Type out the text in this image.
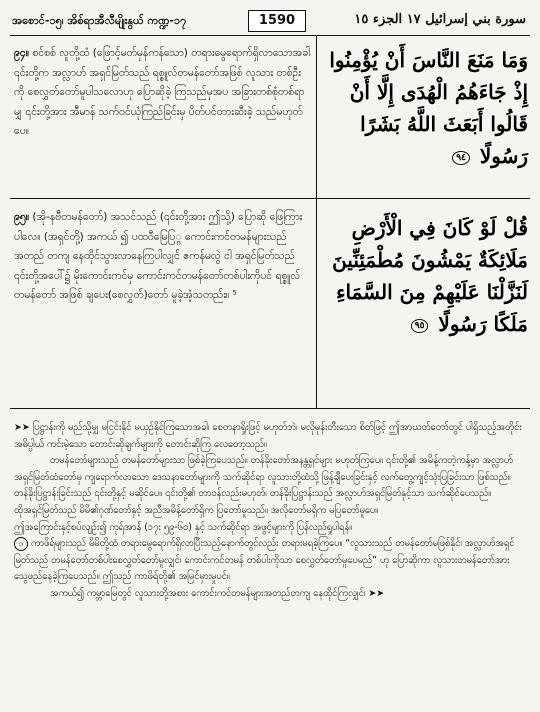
အစောင်-၁၅၊ အိစ်ရာအီလီမျိုးနွယ် ကဏ္ဍ-၁၇	1590	سورة بني إسرائيل ١٧ الجزء ١٥
၉၄။ စင်စစ် လူတို့ထံ (ဖြောင့်မတ်မှန်ကန်သော) တရားမွေရောက်ရှိလာသောအခါ ၎င်းတို့က အလ္လာဟ် အရှင်မြတ်သည် ရစ္စူလ်တမန်တော်အဖြစ် လူသား တစ်ဦးကို စေလွှတ်တော်မူပါသလောဟု ပြောဆိုခဲ့ ကြသည်မှအပ အခြားတစ်စုံတစ်ရာမျှ ၎င်းတို့အား အီမာန် သက်ဝင်ယုံကြည်ခြင်းမှ ပိတ်ပင်တားဆီးခဲ့ သည်မဟုတ်ပေ။
وَمَا مَنَعَ النَّاسَ أَنْ يُؤْمِنُوا إِذْ جَاءَهُمُ الْهُدَى إِلَّا أَنْ قَالُوا أَبَعَثَ اللَّهُ بَشَرًا رَسُولًا ٩٤
၉၅။ (အို-နဗီတမန်တော်) အသင်သည် (၎င်းတို့အား ဤသို့) ပြောဆို ဖြေကြားပါလေ။ (အရှင်တို့) အကယ် ၍ ပထဝီမြေပြ္ဂ ကောင်းကင်တမန်များသည် အတည် တကျ နေထိုင်သွားလာနေကြပါလျှင် ဧကန်မလွဲ ငါ အရှင်မြတ်သည် ၎င်းတို့အပေါ်၌ မိုးကောင်းကင်မှ ကောင်းကင်တမန်တော်တစ်ပါးကိုပင် ရစ္စူလ်တမန်တော် အဖြစ် ချပေး(စေလွှတ်)တော် မူခဲ့အံ့သတည်း။ ⁵
قُلْ لَوْ كَانَ فِي الْأَرْضِ مَلَائِكَةٌ يَمْشُونَ مُطْمَئِنِّينَ لَنَزَّلْنَا عَلَيْهِمْ مِنَ السَّمَاءِ مَلَكًا رَسُولًا ٩٥

➤➤ ပြဋ္ဌာန်းကို မည်သို့မျှ မငြင်းနိုင် မယှဉ်နိုင်ကြသောအခါ၊ စေတနာရှိုးဖြင့် မဟုတ်ဘဲ၊ မလိုမုန်းတီးသော စိတ်ဖြင့် ဤအာယတ်တော်တွင် ပါရှိသည့်အတိုင်း အဓိပ္ပါယ် ကင်းမဲ့သော တောင်းဆိုချက်များကို တောင်းဆိုကြ လေတော့သည်။

တမန်တော်များသည် တမန်တော်များသာ ဖြစ်ခဲ့ကြပေသည်။ တန်ခိုးတော်အနန္တရှင်များ မဟုတ်ကြပေ။ ၎င်းတို့၏ အမိန့်ကတဲ့ကန့်မှာ အလ္လာဟ်အရှင်မြတ်ထံတော်မှ ကျရောက်လာသော ဒေသနာတော်များကို သက်ဆိုင်ရာ လူသားတို့ထံသို့ ဖြန့်ချီပေးခြင်းနှင့် လက်တွေ့ကျင့်သုံးပြခြင်းသာ ဖြစ်သည်။ တန်ခိုးပြဋ္ဌာန်းခြင်းသည် ၎င်းတို့နှင့် မဆိုင်ပေ။ ၎င်းတို့၏ တာဝန်လည်းမဟုတ်၊ တန်ခိုးပြဋ္ဌာန်းသည် အလ္လာဟ်အရှင်မြတ်နှင့်သာ သက်ဆိုင်ပေသည်။

ထိုအရှင်မြတ်သည် မိမိ၏ဂုဏ်တော်နှင့် အညီအမိန့်တော်ရှိက ပြတော်မူသည်။ အလိုတော်မရှိက မပြတော်မူပေ။

ဤအကြောင်းနှင့်စပ်လျဉ်း၍ ကုရ်အာန် (၁၇း ၅၉-၆၀) နှင့် သက်ဆိုင်ရာ အဖွင့်များကို ပြန်လည်ရှုပါရန်။

၁ ကာဖိရ်များသည် မိမိတို့ထံ တရားမွေရောက်ရှိလာပြီးသည့်နောက်တွင်လည်း တရားမရခဲ့ကြပေ။ “လူသားသည် တမန်တော်မဖြစ်နိုင်၊ အလ္လာဟ်အရှင်မြတ်သည် တမန်တော်တစ်ပါးစေလွှတ်တော်မူလျှင်၊ ကောင်းကင်တမန် တစ်ပါးကိုသာ စေလွှတ်တော်မူပေမည်” ဟု ပြောဆိုကာ လူသားတမန်တော်အား သွေဖည်နေခဲ့ကြပေသည်။ ဤသည် ကာဖိရ်တို့၏ အမြင်မှားမှုပင်။

အကယ်၍ ကမ္ဘာမြေတွင် လူသားတို့အစား ကောင်းကင်တမန်များအတည်တကျ နေထိုင်ကြလျှင်၊ ➤➤
